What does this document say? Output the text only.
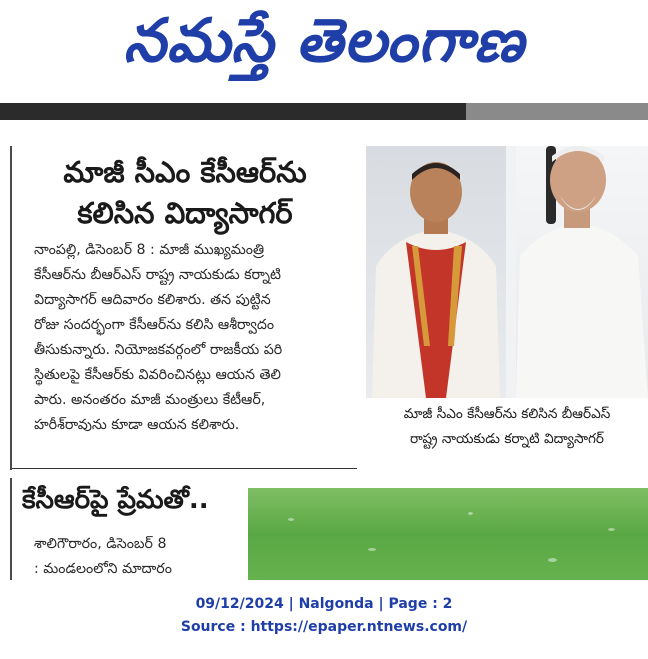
నమస్తే తెలంగాణ
మాజీ సీఎం కేసీఆర్‌ను
కలిసిన విద్యాసాగర్
నాంపల్లి, డిసెంబర్ 8 : మాజీ ముఖ్యమంత్రి
కేసీఆర్‌ను బీఆర్‌ఎస్ రాష్ట్ర నాయకుడు కర్నాటి
విద్యాసాగర్ ఆదివారం కలిశారు. తన పుట్టిన
రోజు సందర్భంగా కేసీఆర్‌ను కలిసి ఆశీర్వాదం
తీసుకున్నారు. నియోజకవర్గంలో రాజకీయ పరి
స్థితులపై కేసీఆర్‌కు వివరించినట్లు ఆయన తెలి
పారు. అనంతరం మాజీ మంత్రులు కేటీఆర్,
హరీశ్‌రావును కూడా ఆయన కలిశారు.
మాజీ సీఎం కేసీఆర్‌ను కలిసిన బీఆర్‌ఎస్
రాష్ట్ర నాయకుడు కర్నాటి విద్యాసాగర్
కేసీఆర్‌పై ప్రేమతో..
శాలిగౌరారం, డిసెంబర్ 8
: మండలంలోని మాదారం
09/12/2024 | Nalgonda | Page : 2
Source : https://epaper.ntnews.com/
